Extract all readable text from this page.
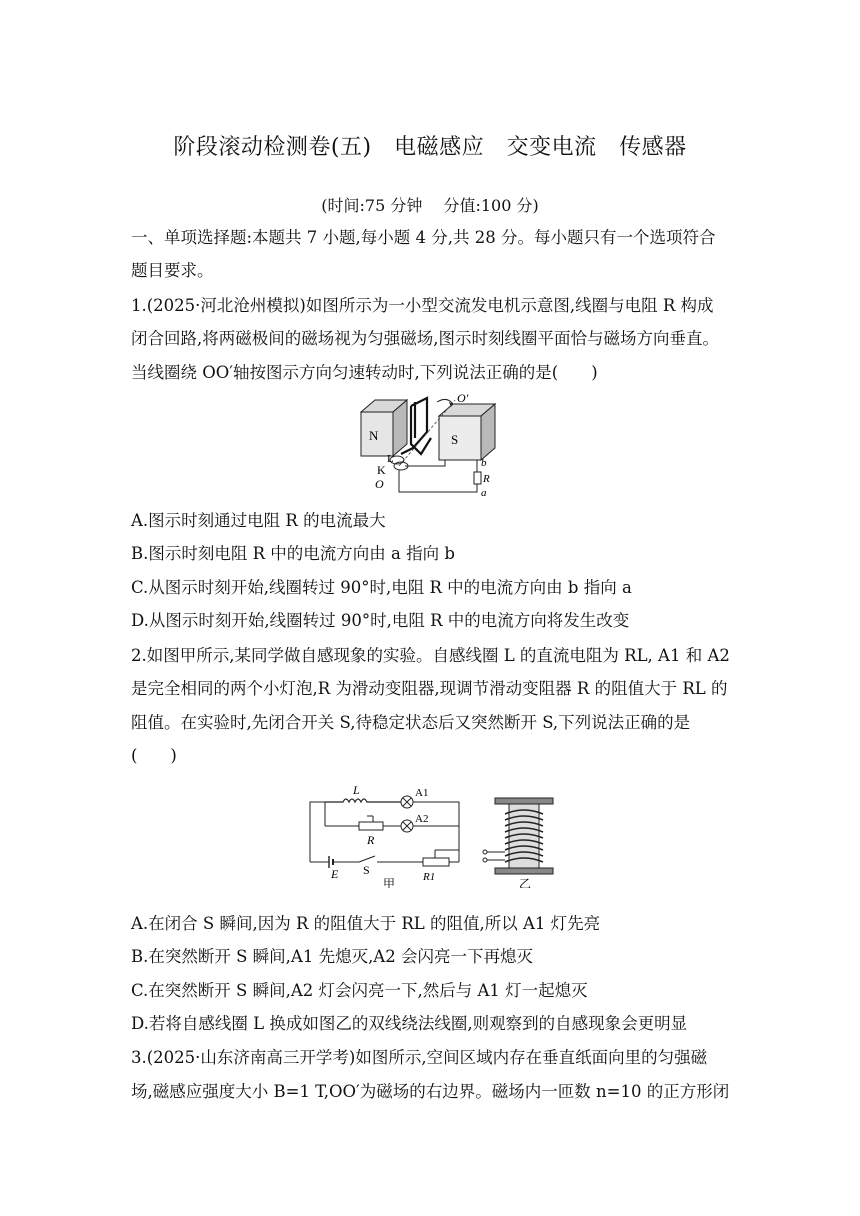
阶段滚动检测卷(五)　电磁感应　交变电流　传感器
(时间:75 分钟　 分值:100 分)
一、单项选择题:本题共 7 小题,每小题 4 分,共 28 分。每小题只有一个选项符合
题目要求。
1.(2025·河北沧州模拟)如图所示为一小型交流发电机示意图,线圈与电阻 R 构成
闭合回路,将两磁极间的磁场视为匀强磁场,图示时刻线圈平面恰与磁场方向垂直。
当线圈绕 OO′轴按图示方向匀速转动时,下列说法正确的是(　　)
N	S
O′
K
L
O
b
R
a
A.图示时刻通过电阻 R 的电流最大
B.图示时刻电阻 R 中的电流方向由 a 指向 b
C.从图示时刻开始,线圈转过 90°时,电阻 R 中的电流方向由 b 指向 a
D.从图示时刻开始,线圈转过 90°时,电阻 R 中的电流方向将发生改变
2.如图甲所示,某同学做自感现象的实验。自感线圈 L 的直流电阻为 RL, A1 和 A2
是完全相同的两个小灯泡,R 为滑动变阻器,现调节滑动变阻器 R 的阻值大于 RL 的
阻值。在实验时,先闭合开关 S,待稳定状态后又突然断开 S,下列说法正确的是
(　　)
L	A1
A2
R
E S	R1
甲	乙
A.在闭合 S 瞬间,因为 R 的阻值大于 RL 的阻值,所以 A1 灯先亮
B.在突然断开 S 瞬间,A1 先熄灭,A2 会闪亮一下再熄灭
C.在突然断开 S 瞬间,A2 灯会闪亮一下,然后与 A1 灯一起熄灭
D.若将自感线圈 L 换成如图乙的双线绕法线圈,则观察到的自感现象会更明显
3.(2025·山东济南高三开学考)如图所示,空间区域内存在垂直纸面向里的匀强磁
场,磁感应强度大小 B=1 T,OO′为磁场的右边界。磁场内一匝数 n=10 的正方形闭
